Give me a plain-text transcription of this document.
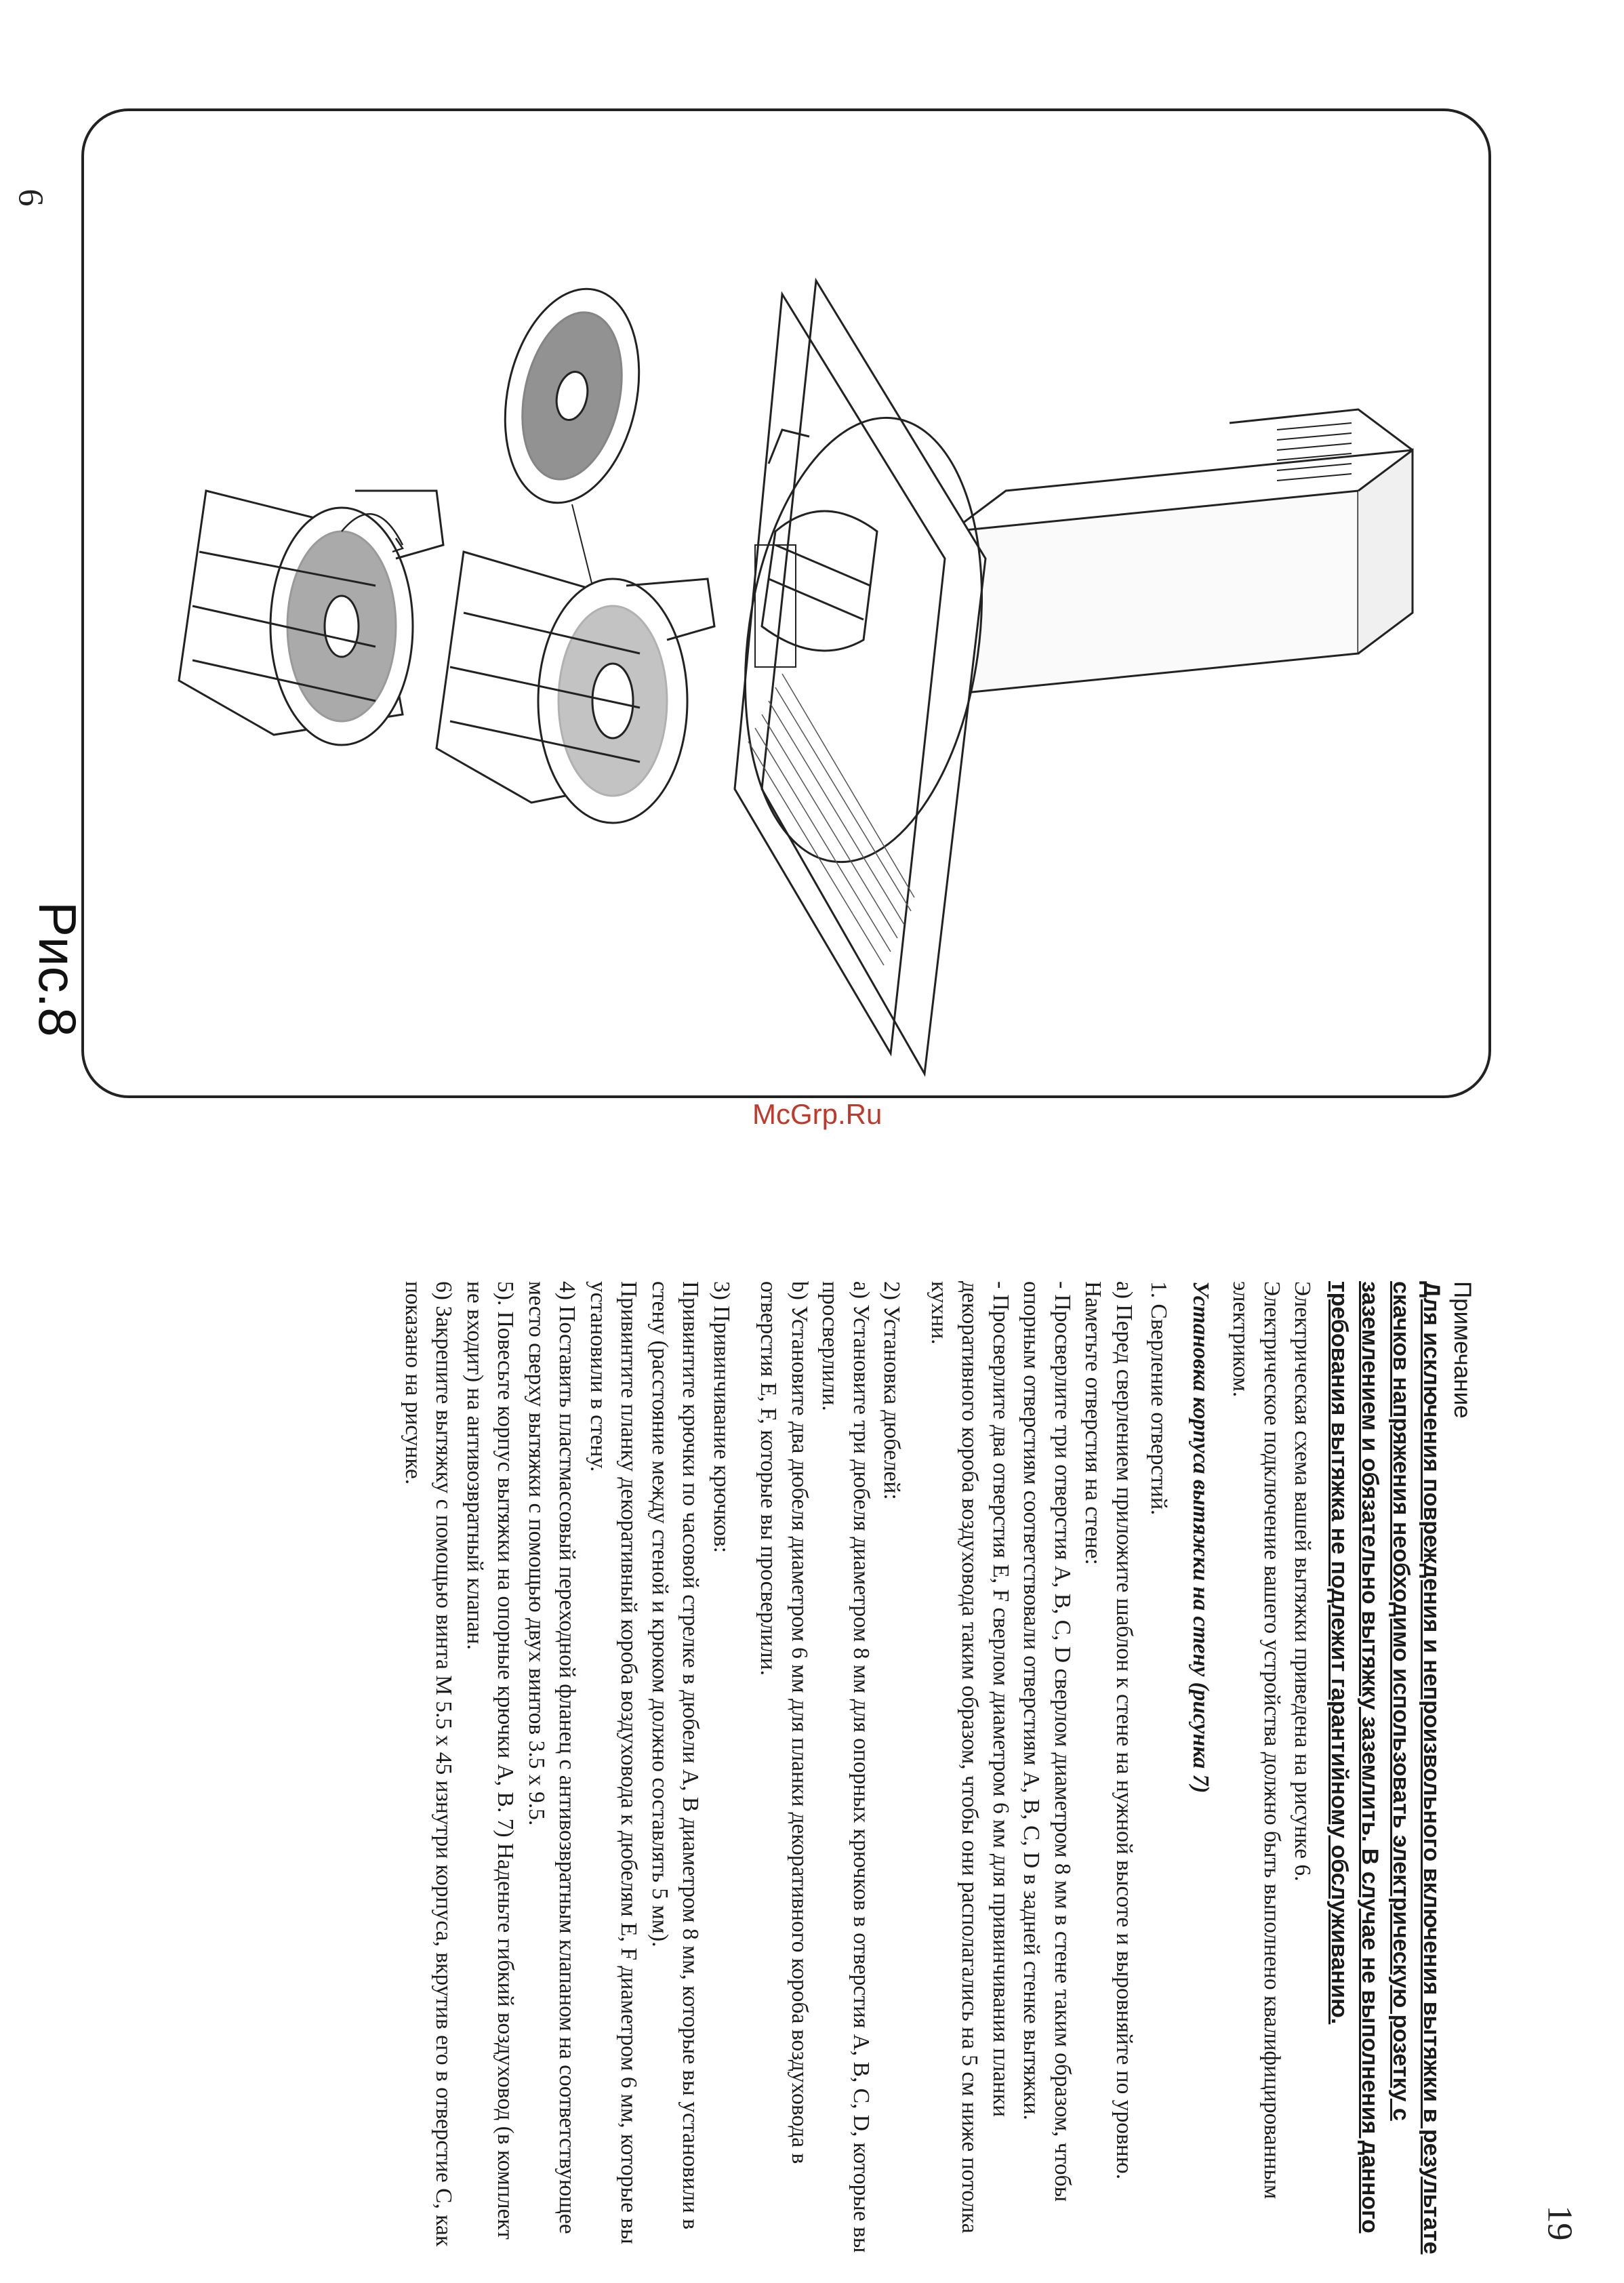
6
19
Рис.8
McGrp.Ru

Примечание

Для исключения повреждения и непроизвольного включения вытяжки в результате скачков напряжения необходимо использовать электрическую розетку с заземлением и обязательно вытяжку заземлить. В случае не выполнения данного требования вытяжка не подлежит гарантийному обслуживанию.

Электрическая схема вашей вытяжки приведена на рисунке 6.

Электрическое подключение вашего устройства должно быть выполнено квалифицированным электриком.

Установка корпуса вытяжки на стену (рисунка 7)

1. Сверление отверстий.

а) Перед сверлением приложите шаблон к стене на нужной высоте и выровняйте по уровню. Наметьте отверстия на стене:

- Просверлите три отверстия A, B, C, D сверлом диаметром 8 мм в стене таким образом, чтобы опорным отверстиям соответствовали отверстиям A, B, C, D в задней стенке вытяжки.

- Просверлите два отверстия E, F сверлом диаметром 6 мм для привинчивания планки декоративного короба воздуховода таким образом, чтобы они располагались на 5 см ниже потолка кухни.

2) Установка дюбелей:

а) Установите три дюбеля диаметром 8 мм для опорных крючков в отверстия A, B, C, D, которые вы просверлили.

b) Установите два дюбеля диаметром 6 мм для планки декоративного короба воздуховода в отверстия E, F, которые вы просверлили.

3) Привинчивание крючков:

Привинтите крючки по часовой стрелке в дюбели A, B диаметром 8 мм, которые вы установили в стену (расстояние между стеной и крюком должно составлять 5 мм).

Привинтите планку декоративный короба воздуховода к дюбелям E, F диаметром 6 мм, которые вы установили в стену.

4) Поставить пластмассовый переходной фланец с антивозвратным клапаном на соответствующее место сверху вытяжки с помощью двух винтов 3.5 х 9.5.

5). Повесьте корпус вытяжки на опорные крючки A, B. 7) Наденьте гибкий воздуховод (в комплект не входит) на антивозвратный клапан.

6) Закрепите вытяжку с помощью винта M 5.5 х 45 изнутри корпуса, вкрутив его в отверстие C, как показано на рисунке.
